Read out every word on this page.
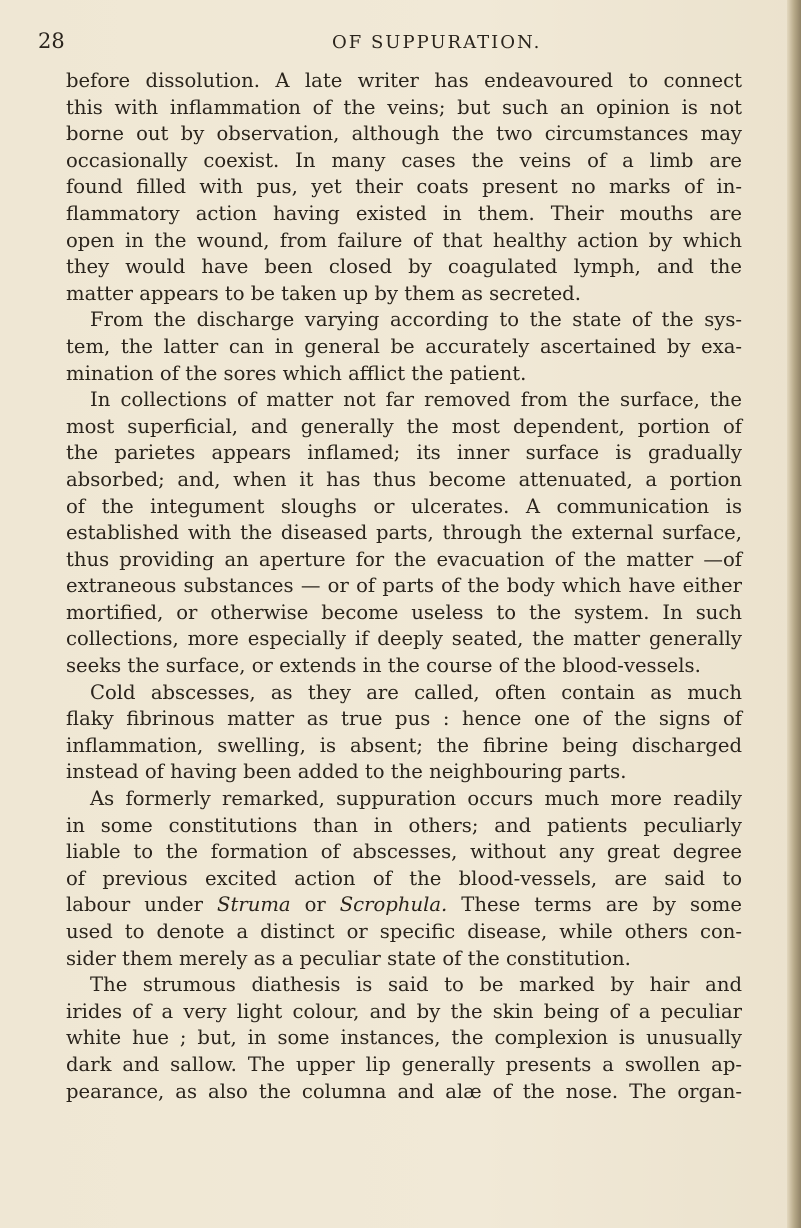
28	OF SUPPURATION.
before dissolution. A late writer has endeavoured to connect
this with inflammation of the veins; but such an opinion is not
borne out by observation, although the two circumstances may
occasionally coexist. In many cases the veins of a limb are
found filled with pus, yet their coats present no marks of in-
flammatory action having existed in them. Their mouths are
open in the wound, from failure of that healthy action by which
they would have been closed by coagulated lymph, and the
matter appears to be taken up by them as secreted.
From the discharge varying according to the state of the sys-
tem, the latter can in general be accurately ascertained by exa-
mination of the sores which afflict the patient.
In collections of matter not far removed from the surface, the
most superficial, and generally the most dependent, portion of
the parietes appears inflamed; its inner surface is gradually
absorbed; and, when it has thus become attenuated, a portion
of the integument sloughs or ulcerates. A communication is
established with the diseased parts, through the external surface,
thus providing an aperture for the evacuation of the matter —of
extraneous substances — or of parts of the body which have either
mortified, or otherwise become useless to the system. In such
collections, more especially if deeply seated, the matter generally
seeks the surface, or extends in the course of the blood-vessels.
Cold abscesses, as they are called, often contain as much
flaky fibrinous matter as true pus : hence one of the signs of
inflammation, swelling, is absent; the fibrine being discharged
instead of having been added to the neighbouring parts.
As formerly remarked, suppuration occurs much more readily
in some constitutions than in others; and patients peculiarly
liable to the formation of abscesses, without any great degree
of previous excited action of the blood-vessels, are said to
labour under Struma or Scrophula. These terms are by some
used to denote a distinct or specific disease, while others con-
sider them merely as a peculiar state of the constitution.
The strumous diathesis is said to be marked by hair and
irides of a very light colour, and by the skin being of a peculiar
white hue ; but, in some instances, the complexion is unusually
dark and sallow. The upper lip generally presents a swollen ap-
pearance, as also the columna and alæ of the nose. The organ-
